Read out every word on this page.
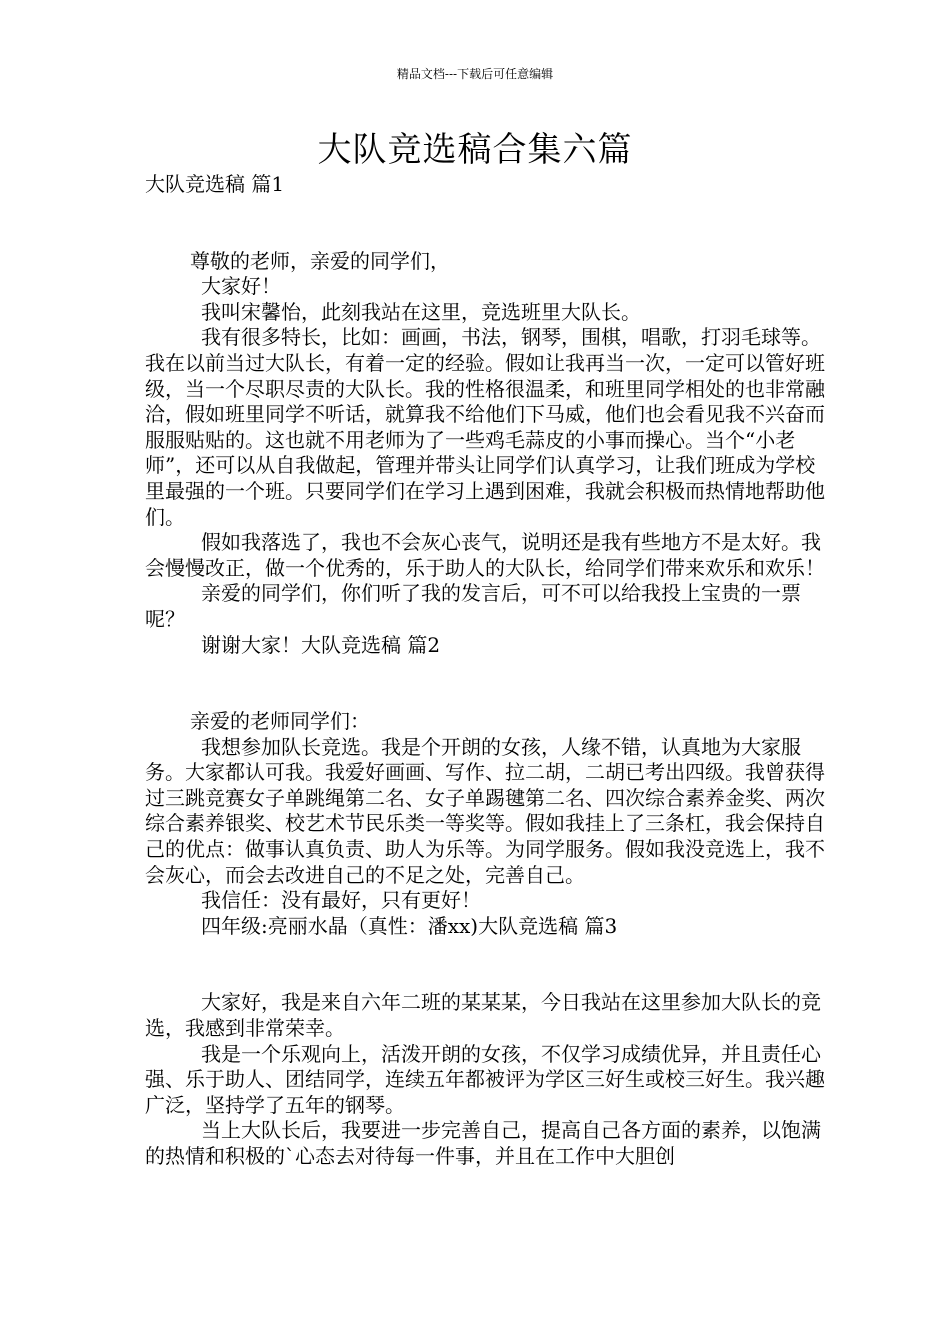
精品文档---下载后可任意编辑
大队竞选稿合集六篇

大队竞选稿 篇1

尊敬的老师，亲爱的同学们，

大家好！

我叫宋馨怡，此刻我站在这里，竞选班里大队长。

我有很多特长，比如：画画，书法，钢琴，围棋，唱歌，打羽毛球等。我在以前当过大队长，有着一定的经验。假如让我再当一次，一定可以管好班级，当一个尽职尽责的大队长。我的性格很温柔，和班里同学相处的也非常融洽，假如班里同学不听话，就算我不给他们下马威，他们也会看见我不兴奋而服服贴贴的。这也就不用老师为了一些鸡毛蒜皮的小事而操心。当个“小老师”，还可以从自我做起，管理并带头让同学们认真学习，让我们班成为学校里最强的一个班。只要同学们在学习上遇到困难，我就会积极而热情地帮助他们。

假如我落选了，我也不会灰心丧气，说明还是我有些地方不是太好。我会慢慢改正，做一个优秀的，乐于助人的大队长，给同学们带来欢乐和欢乐！

亲爱的同学们，你们听了我的发言后，可不可以给我投上宝贵的一票呢？

谢谢大家！大队竞选稿 篇2

亲爱的老师同学们：

我想参加队长竞选。我是个开朗的女孩，人缘不错，认真地为大家服务。大家都认可我。我爱好画画、写作、拉二胡，二胡已考出四级。我曾获得过三跳竞赛女子单跳绳第二名、女子单踢毽第二名、四次综合素养金奖、两次综合素养银奖、校艺术节民乐类一等奖等。假如我挂上了三条杠，我会保持自己的优点：做事认真负责、助人为乐等。为同学服务。假如我没竞选上，我不会灰心，而会去改进自己的不足之处，完善自己。

我信任：没有最好，只有更好！

四年级:亮丽水晶（真性：潘xx)大队竞选稿 篇3

大家好，我是来自六年二班的某某某，今日我站在这里参加大队长的竞选，我感到非常荣幸。

我是一个乐观向上，活泼开朗的女孩，不仅学习成绩优异，并且责任心强、乐于助人、团结同学，连续五年都被评为学区三好生或校三好生。我兴趣广泛，坚持学了五年的钢琴。

当上大队长后，我要进一步完善自己，提高自己各方面的素养，以饱满的热情和积极的`心态去对待每一件事，并且在工作中大胆创
